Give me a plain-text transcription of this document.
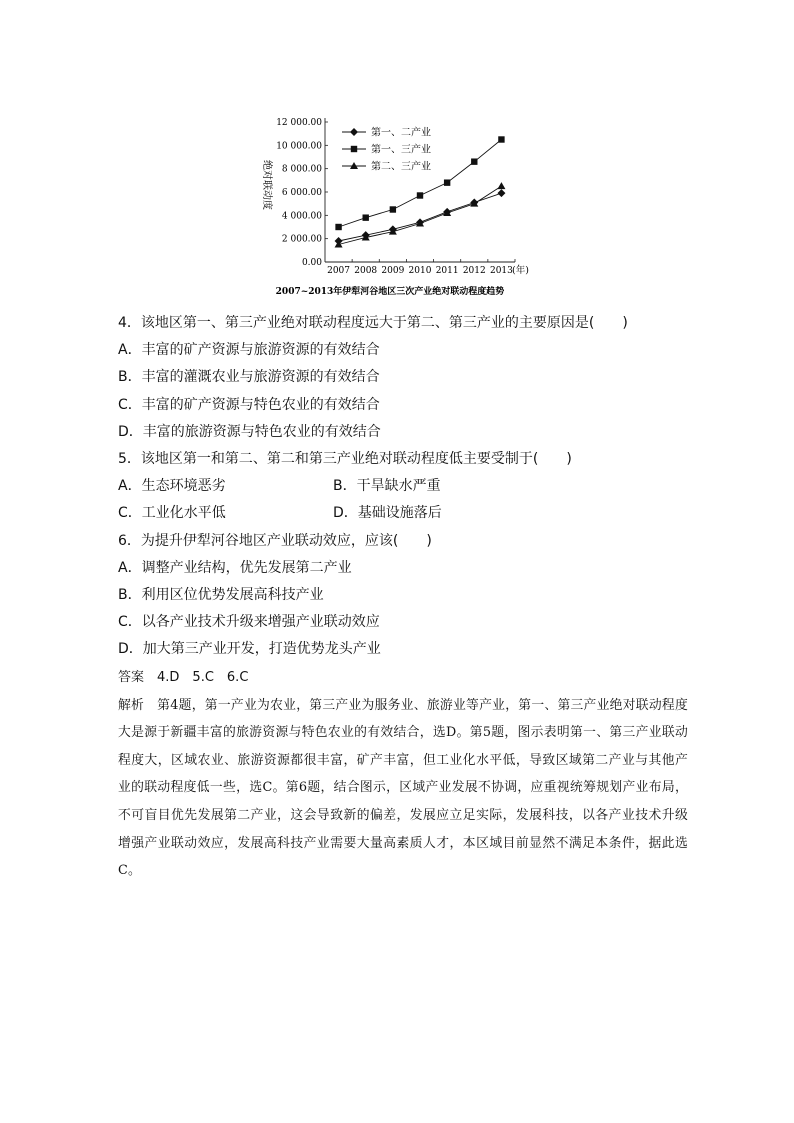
0.00
2 000.00
4 000.00
6 000.00
8 000.00
10 000.00
12 000.00
2007 2008 2009 2010 2011 2012 2013
绝对联动度
(年)
2007~2013年伊犁河谷地区三次产业绝对联动程度趋势
第一、二产业
第一、三产业
第二、三产业

4．该地区第一、第三产业绝对联动程度远大于第二、第三产业的主要原因是(　　)

A．丰富的矿产资源与旅游资源的有效结合

B．丰富的灌溉农业与旅游资源的有效结合

C．丰富的矿产资源与特色农业的有效结合

D．丰富的旅游资源与特色农业的有效结合

5．该地区第一和第二、第二和第三产业绝对联动程度低主要受制于(　　)

A．生态环境恶劣	B．干旱缺水严重

C．工业化水平低	D．基础设施落后

6．为提升伊犁河谷地区产业联动效应，应该(　　)

A．调整产业结构，优先发展第二产业

B．利用区位优势发展高科技产业

C．以各产业技术升级来增强产业联动效应

D．加大第三产业开发，打造优势龙头产业

答案　4.D　5.C　6.C

解析　第4题，第一产业为农业，第三产业为服务业、旅游业等产业，第一、第三产业绝对联动程度大是源于新疆丰富的旅游资源与特色农业的有效结合，选D。第5题，图示表明第一、第三产业联动程度大，区域农业、旅游资源都很丰富，矿产丰富，但工业化水平低，导致区域第二产业与其他产业的联动程度低一些，选C。第6题，结合图示，区域产业发展不协调，应重视统筹规划产业布局，不可盲目优先发展第二产业，这会导致新的偏差，发展应立足实际，发展科技，以各产业技术升级增强产业联动效应，发展高科技产业需要大量高素质人才，本区域目前显然不满足本条件，据此选C。
